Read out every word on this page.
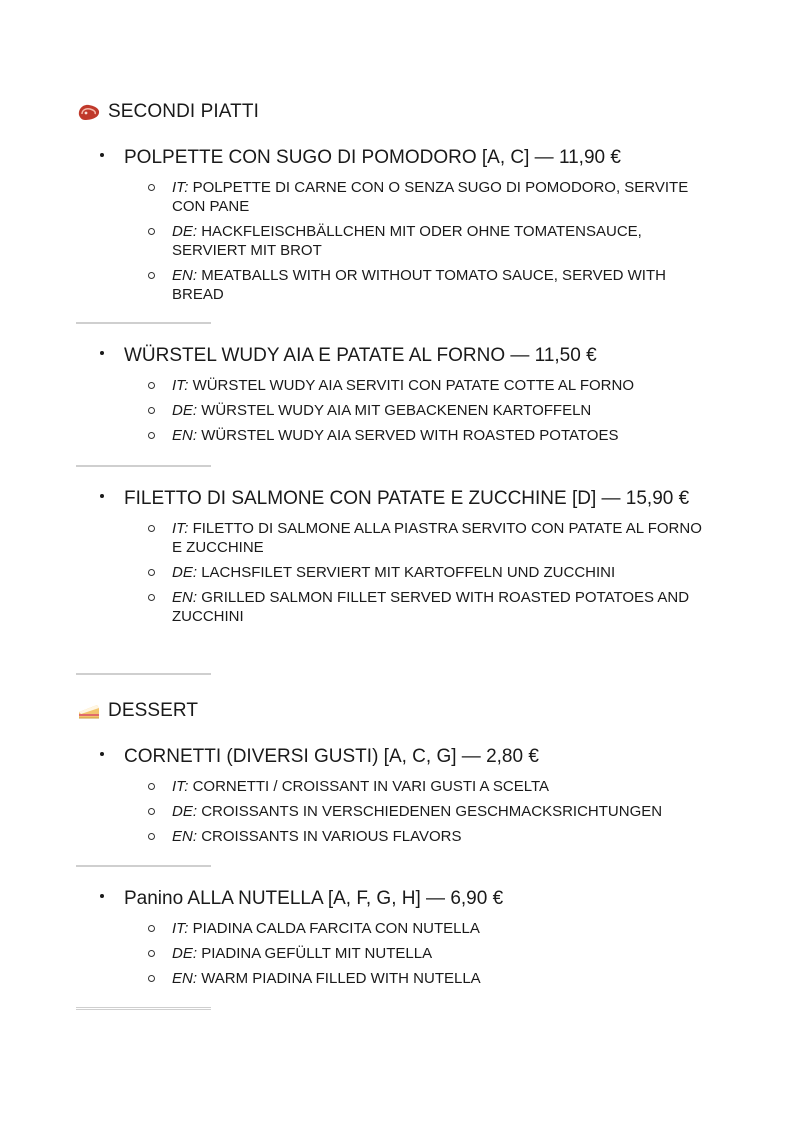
SECONDI PIATTI
POLPETTE CON SUGO DI POMODORO [A, C] — 11,90 €
IT: POLPETTE DI CARNE CON O SENZA SUGO DI POMODORO, SERVITE CON PANE
DE: HACKFLEISCHBÄLLCHEN MIT ODER OHNE TOMATENSAUCE, SERVIERT MIT BROT
EN: MEATBALLS WITH OR WITHOUT TOMATO SAUCE, SERVED WITH BREAD
WÜRSTEL WUDY AIA E PATATE AL FORNO — 11,50 €
IT: WÜRSTEL WUDY AIA SERVITI CON PATATE COTTE AL FORNO
DE: WÜRSTEL WUDY AIA MIT GEBACKENEN KARTOFFELN
EN: WÜRSTEL WUDY AIA SERVED WITH ROASTED POTATOES
FILETTO DI SALMONE CON PATATE E ZUCCHINE [D] — 15,90 €
IT: FILETTO DI SALMONE ALLA PIASTRA SERVITO CON PATATE AL FORNO E ZUCCHINE
DE: LACHSFILET SERVIERT MIT KARTOFFELN UND ZUCCHINI
EN: GRILLED SALMON FILLET SERVED WITH ROASTED POTATOES AND ZUCCHINI
DESSERT
CORNETTI (DIVERSI GUSTI) [A, C, G] — 2,80 €
IT: CORNETTI / CROISSANT IN VARI GUSTI A SCELTA
DE: CROISSANTS IN VERSCHIEDENEN GESCHMACKSRICHTUNGEN
EN: CROISSANTS IN VARIOUS FLAVORS
Panino ALLA NUTELLA [A, F, G, H] — 6,90 €
IT: PIADINA CALDA FARCITA CON NUTELLA
DE: PIADINA GEFÜLLT MIT NUTELLA
EN: WARM PIADINA FILLED WITH NUTELLA
